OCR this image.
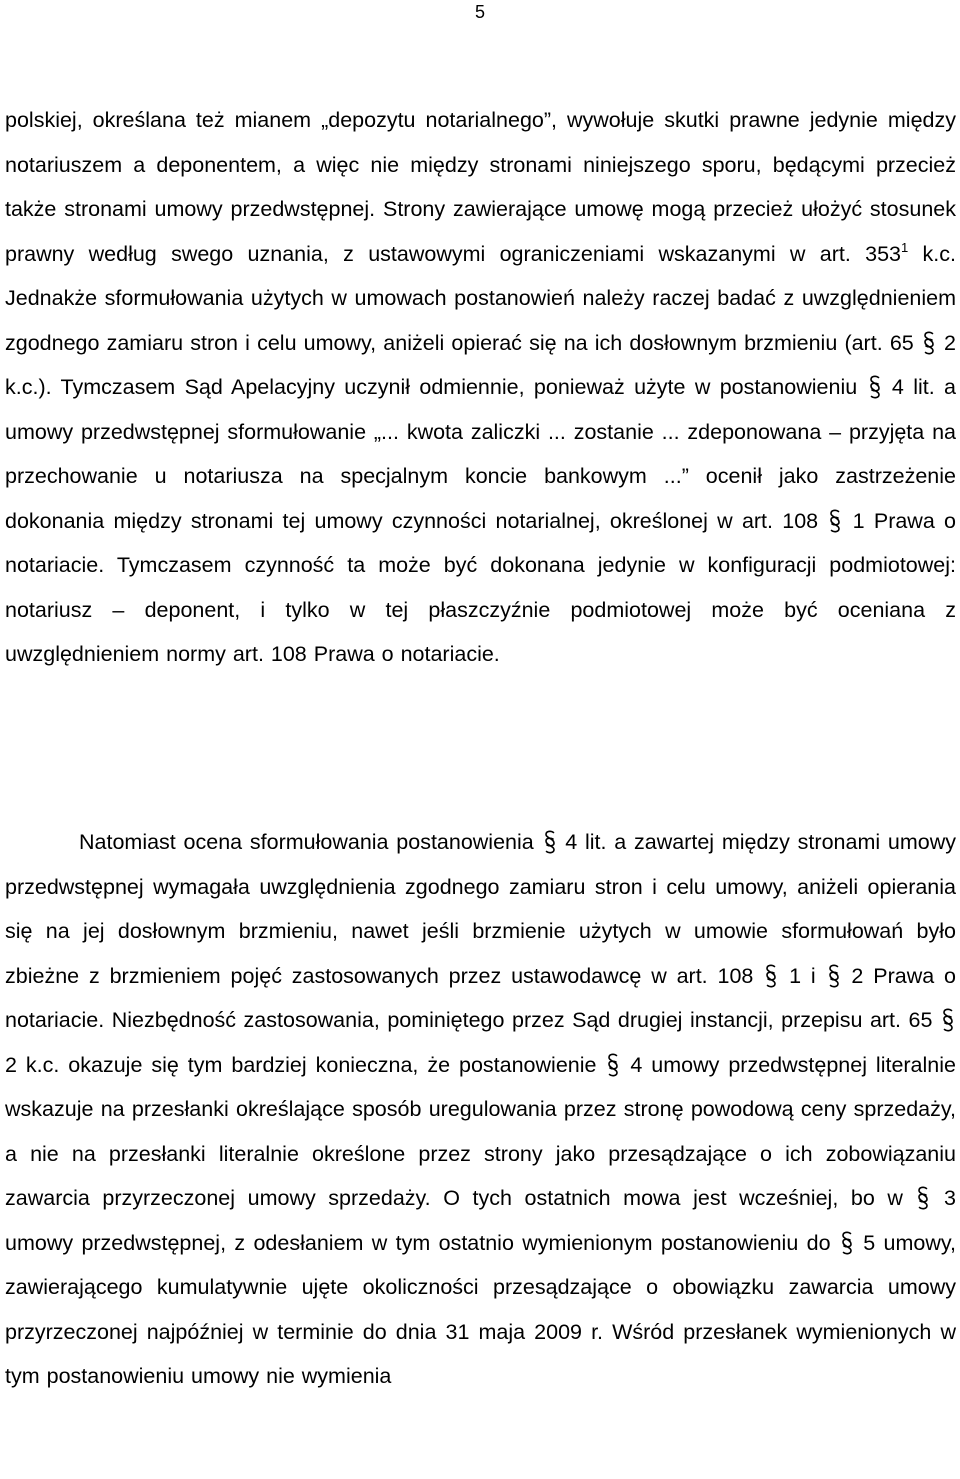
5

polskiej, określana też mianem „depozytu notarialnego”, wywołuje skutki prawne jedynie między notariuszem a deponentem, a więc nie między stronami niniejszego sporu, będącymi przecież także stronami umowy przedwstępnej. Strony zawierające umowę mogą przecież ułożyć stosunek prawny według swego uznania, z ustawowymi ograniczeniami wskazanymi w art. $353^1$ k.c. Jednakże sformułowania użytych w umowach postanowień należy raczej badać z uwzględnieniem zgodnego zamiaru stron i celu umowy, aniżeli opierać się na ich dosłownym brzmieniu (art. 65
2 k.c.). Tymczasem Sąd Apelacyjny uczynił odmiennie, ponieważ użyte w postanowieniu
4 lit. a umowy przedwstępnej sformułowanie „... kwota zaliczki ... zostanie ... zdeponowana – przyjęta na przechowanie u notariusza na specjalnym koncie bankowym ...” ocenił jako zastrzeżenie dokonania między stronami tej umowy czynności notarialnej, określonej w art. 108
1 Prawa o notariacie. Tymczasem czynność ta może być dokonana jedynie w konfiguracji podmiotowej: notariusz – deponent, i tylko w tej płaszczyźnie podmiotowej może być oceniana z uwzględnieniem normy art. 108 Prawa o notariacie.

Natomiast ocena sformułowania postanowienia
4 lit. a zawartej między stronami umowy przedwstępnej wymagała uwzględnienia zgodnego zamiaru stron i celu umowy, aniżeli opierania się na jej dosłownym brzmieniu, nawet jeśli brzmienie użytych w umowie sformułowań było zbieżne z brzmieniem pojęć zastosowanych przez ustawodawcę w art. 108
1 i
2 Prawa o notariacie. Niezbędność zastosowania, pominiętego przez Sąd drugiej instancji, przepisu art. 65
2 k.c. okazuje się tym bardziej konieczna, że postanowienie
4 umowy przedwstępnej literalnie wskazuje na przesłanki określające sposób uregulowania przez stronę powodową ceny sprzedaży, a nie na przesłanki literalnie określone przez strony jako przesądzające o ich zobowiązaniu zawarcia przyrzeczonej umowy sprzedaży. O tych ostatnich mowa jest wcześniej, bo w
3 umowy przedwstępnej, z odesłaniem w tym ostatnio wymienionym postanowieniu do
5 umowy, zawierającego kumulatywnie ujęte okoliczności przesądzające o obowiązku zawarcia umowy przyrzeczonej najpóźniej w terminie do dnia 31 maja 2009 r. Wśród przesłanek wymienionych w tym postanowieniu umowy nie wymienia
